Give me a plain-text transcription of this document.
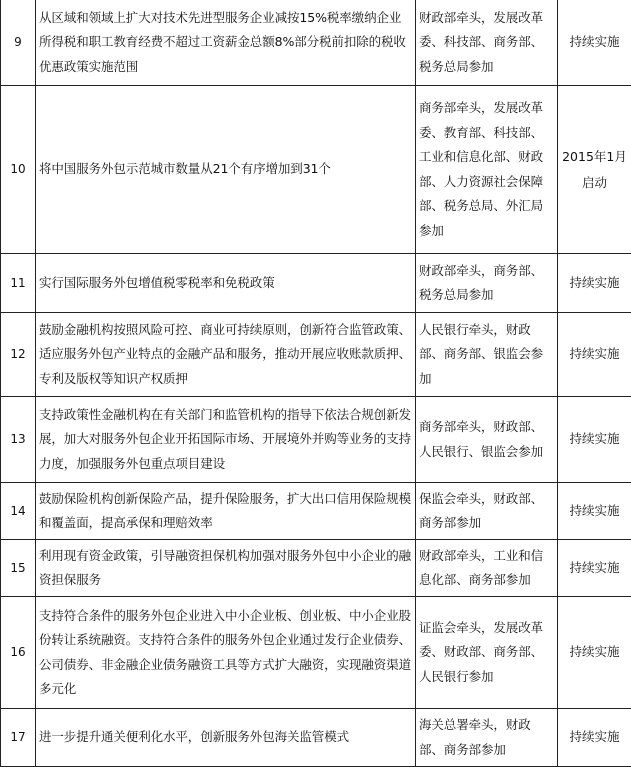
9	从区域和领域上扩大对技术先进型服务企业减按15%税率缴纳企业所得税和职工教育经费不超过工资薪金总额8%部分税前扣除的税收优惠政策实施范围	财政部牵头，发展改革委、科技部、商务部、税务总局参加	持续实施
10	将中国服务外包示范城市数量从21个有序增加到31个	商务部牵头，发展改革委、教育部、科技部、工业和信息化部、财政部、人力资源社会保障部、税务总局、外汇局参加	2015年1月启动
11	实行国际服务外包增值税零税率和免税政策	财政部牵头，商务部、税务总局参加	持续实施
12	鼓励金融机构按照风险可控、商业可持续原则，创新符合监管政策、适应服务外包产业特点的金融产品和服务，推动开展应收账款质押、专利及版权等知识产权质押	人民银行牵头，财政部、商务部、银监会参加	持续实施
13	支持政策性金融机构在有关部门和监管机构的指导下依法合规创新发展，加大对服务外包企业开拓国际市场、开展境外并购等业务的支持力度，加强服务外包重点项目建设	商务部牵头，财政部、人民银行、银监会参加	持续实施
14	鼓励保险机构创新保险产品，提升保险服务，扩大出口信用保险规模和覆盖面，提高承保和理赔效率	保监会牵头，财政部、商务部参加	持续实施
15	利用现有资金政策，引导融资担保机构加强对服务外包中小企业的融资担保服务	财政部牵头，工业和信息化部、商务部参加	持续实施
16	支持符合条件的服务外包企业进入中小企业板、创业板、中小企业股份转让系统融资。支持符合条件的服务外包企业通过发行企业债券、公司债券、非金融企业债务融资工具等方式扩大融资，实现融资渠道多元化	证监会牵头，发展改革委、财政部、商务部、人民银行参加	持续实施
17	进一步提升通关便利化水平，创新服务外包海关监管模式	海关总署牵头，财政部、商务部参加	持续实施
